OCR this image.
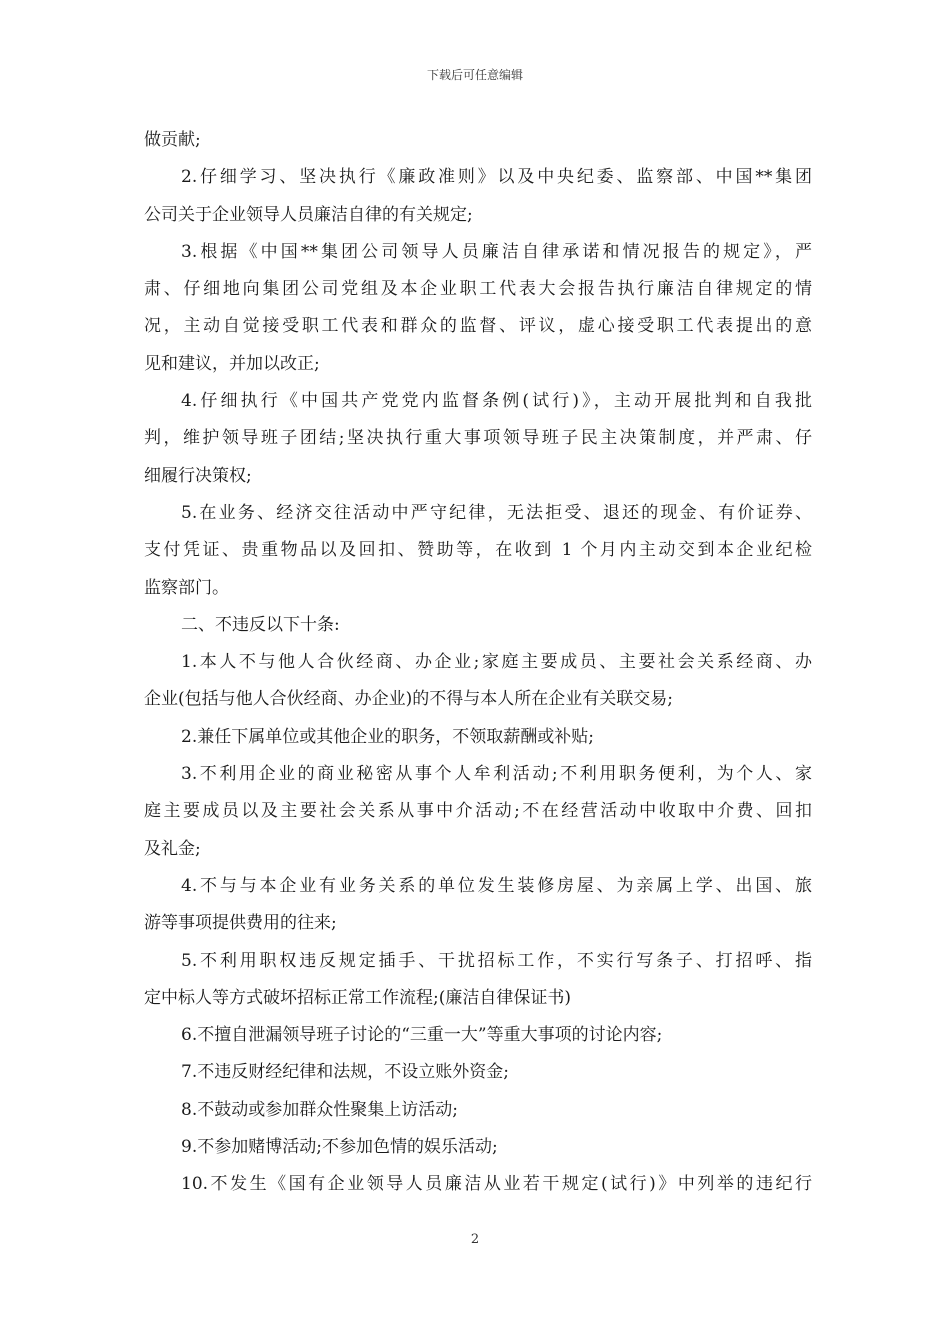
下载后可任意编辑
做贡献;
2.仔细学习、坚决执行《廉政准则》以及中央纪委、监察部、中国**集团
公司关于企业领导人员廉洁自律的有关规定;
3.根据《中国**集团公司领导人员廉洁自律承诺和情况报告的规定》，严
肃、仔细地向集团公司党组及本企业职工代表大会报告执行廉洁自律规定的情
况，主动自觉接受职工代表和群众的监督、评议，虚心接受职工代表提出的意
见和建议，并加以改正;
4.仔细执行《中国共产党党内监督条例(试行)》，主动开展批判和自我批
判，维护领导班子团结;坚决执行重大事项领导班子民主决策制度，并严肃、仔
细履行决策权;
5.在业务、经济交往活动中严守纪律，无法拒受、退还的现金、有价证券、
支付凭证、贵重物品以及回扣、赞助等，在收到 1 个月内主动交到本企业纪检
监察部门。
二、不违反以下十条:
1.本人不与他人合伙经商、办企业;家庭主要成员、主要社会关系经商、办
企业(包括与他人合伙经商、办企业)的不得与本人所在企业有关联交易;
2.兼任下属单位或其他企业的职务，不领取薪酬或补贴;
3.不利用企业的商业秘密从事个人牟利活动;不利用职务便利，为个人、家
庭主要成员以及主要社会关系从事中介活动;不在经营活动中收取中介费、回扣
及礼金;
4.不与与本企业有业务关系的单位发生装修房屋、为亲属上学、出国、旅
游等事项提供费用的往来;
5.不利用职权违反规定插手、干扰招标工作，不实行写条子、打招呼、指
定中标人等方式破坏招标正常工作流程;(廉洁自律保证书)
6.不擅自泄漏领导班子讨论的“三重一大”等重大事项的讨论内容;
7.不违反财经纪律和法规，不设立账外资金;
8.不鼓动或参加群众性聚集上访活动;
9.不参加赌博活动;不参加色情的娱乐活动;
10.不发生《国有企业领导人员廉洁从业若干规定(试行)》中列举的违纪行
2
